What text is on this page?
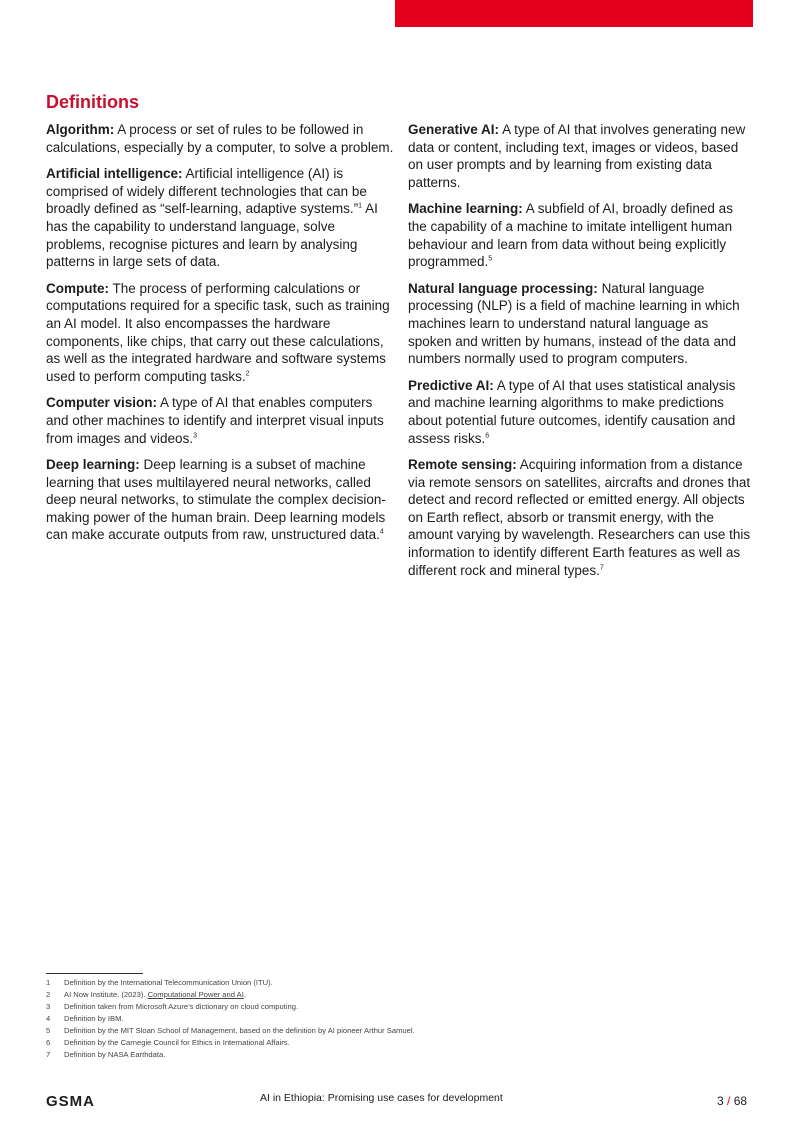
Definitions

Algorithm: A process or set of rules to be followed in calculations, especially by a computer, to solve a problem.

Artificial intelligence: Artificial intelligence (AI) is comprised of widely different technologies that can be broadly defined as “self-learning, adaptive systems.”$^1$ AI has the capability to understand language, solve problems, recognise pictures and learn by analysing patterns in large sets of data.

Compute: The process of performing calculations or computations required for a specific task, such as training an AI model. It also encompasses the hardware components, like chips, that carry out these calculations, as well as the integrated hardware and software systems used to perform computing tasks.$^2$

Computer vision: A type of AI that enables computers and other machines to identify and interpret visual inputs from images and videos.$^3$

Deep learning: Deep learning is a subset of machine learning that uses multilayered neural networks, called deep neural networks, to stimulate the complex decision-making power of the human brain. Deep learning models can make accurate outputs from raw, unstructured data.$^4$

Generative AI: A type of AI that involves generating new data or content, including text, images or videos, based on user prompts and by learning from existing data patterns.

Machine learning: A subfield of AI, broadly defined as the capability of a machine to imitate intelligent human behaviour and learn from data without being explicitly programmed.$^5$

Natural language processing: Natural language processing (NLP) is a field of machine learning in which machines learn to understand natural language as spoken and written by humans, instead of the data and numbers normally used to program computers.

Predictive AI: A type of AI that uses statistical analysis and machine learning algorithms to make predictions about potential future outcomes, identify causation and assess risks.$^6$

Remote sensing: Acquiring information from a distance via remote sensors on satellites, aircrafts and drones that detect and record reflected or emitted energy. All objects on Earth reflect, absorb or transmit energy, with the amount varying by wavelength. Researchers can use this information to identify different Earth features as well as different rock and mineral types.$^7$

1 Definition by the International Telecommunication Union (ITU).
2 AI Now Institute. (2023). Computational Power and AI.
3 Definition taken from Microsoft Azure’s dictionary on cloud computing.
4 Definition by IBM.
5 Definition by the MIT Sloan School of Management, based on the definition by AI pioneer Arthur Samuel.
6 Definition by the Carnegie Council for Ethics in International Affairs.
7 Definition by NASA Earthdata.
GSMA	AI in Ethiopia: Promising use cases for development	3 / 68
